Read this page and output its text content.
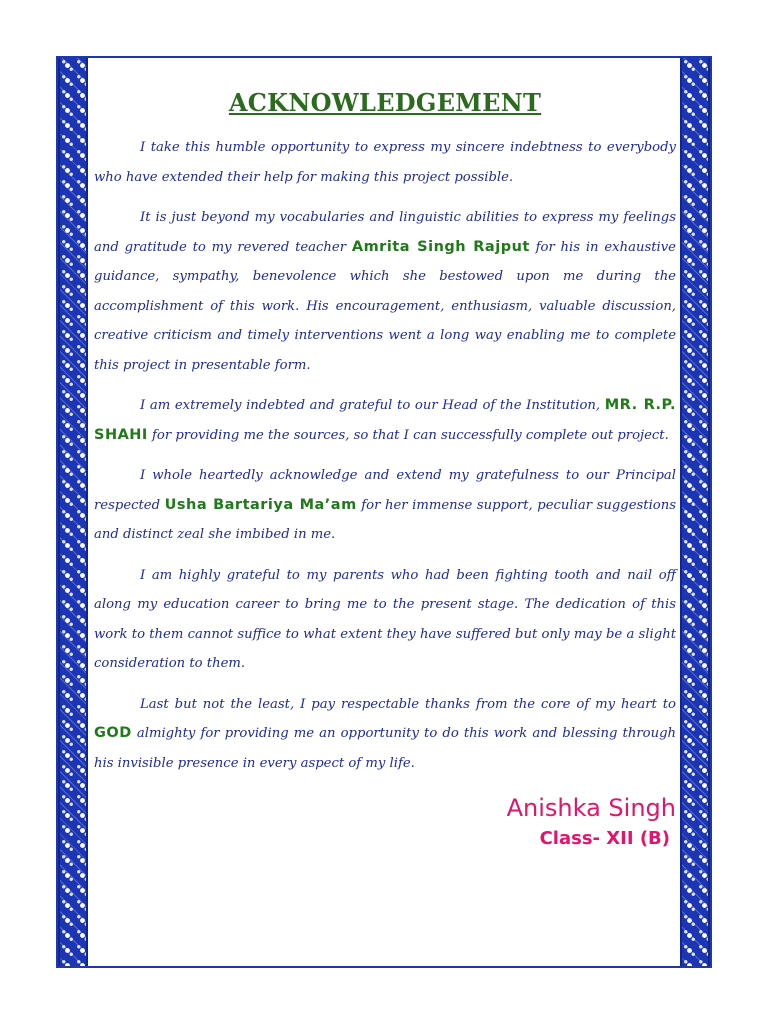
ACKNOWLEDGEMENT

I take this humble opportunity to express my sincere indebtness to everybody who have extended their help for making this project possible.

It is just beyond my vocabularies and linguistic abilities to express my feelings and gratitude to my revered teacher Amrita Singh Rajput for his in exhaustive guidance, sympathy, benevolence which she bestowed upon me during the accomplishment of this work. His encouragement, enthusiasm, valuable discussion, creative criticism and timely interventions went a long way enabling me to complete this project in presentable form.

I am extremely indebted and grateful to our Head of the Institution, MR. R.P. SHAHI for providing me the sources, so that I can successfully complete out project.

I whole heartedly acknowledge and extend my gratefulness to our Principal respected Usha Bartariya Ma’am for her immense support, peculiar suggestions and distinct zeal she imbibed in me.

I am highly grateful to my parents who had been fighting tooth and nail off along my education career to bring me to the present stage. The dedication of this work to them cannot suffice to what extent they have suffered but only may be a slight consideration to them.

Last but not the least, I pay respectable thanks from the core of my heart to GOD almighty for providing me an opportunity to do this work and blessing through his invisible presence in every aspect of my life.

Anishka Singh
Class- XII (B)
